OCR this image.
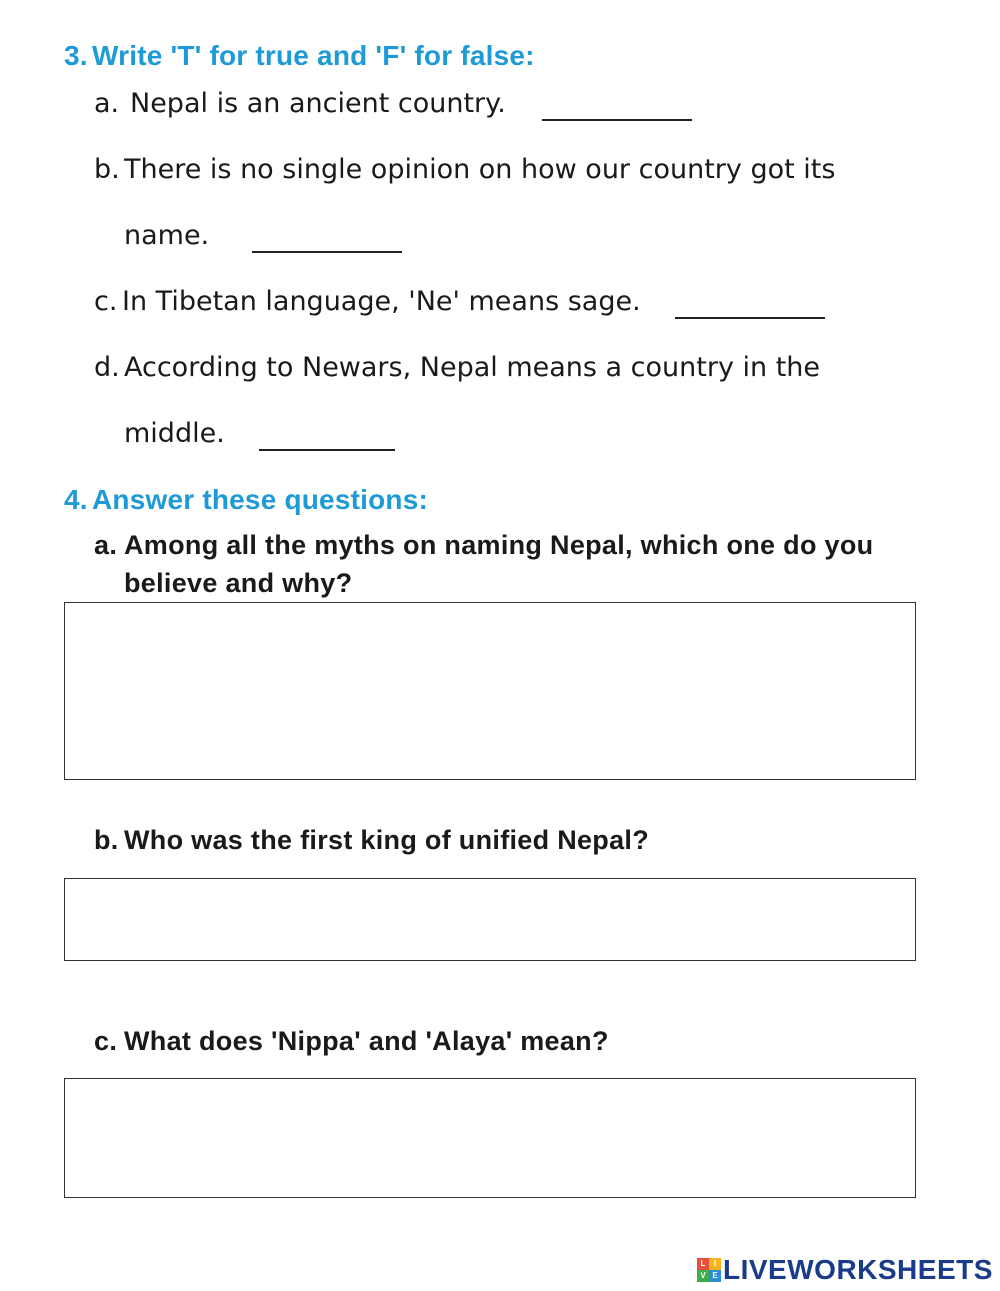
3. Write 'T' for true and 'F' for false:
a. Nepal is an ancient country.
b. There is no single opinion on how our country got its
name.
c. In Tibetan language, 'Ne' means sage.
d. According to Newars, Nepal means a country in the
middle.
4. Answer these questions:
a. Among all the myths on naming Nepal, which one do you
believe and why?
b. Who was the first king of unified Nepal?
c. What does 'Nippa' and 'Alaya' mean?
L	I
V E LIVEWORKSHEETS
